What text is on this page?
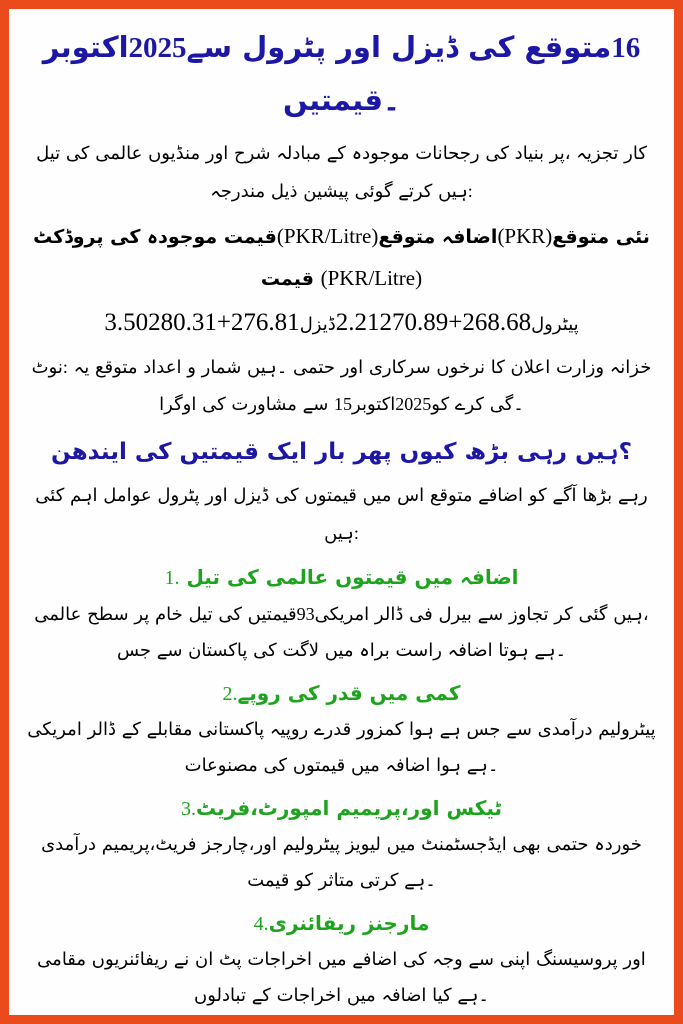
اکتوبر2025سے پٹرول اور ڈیزل کی متوقع16 قیمتیں۔
تیل کی عالمی منڈیوں اور شرح مبادلہ کے موجودہ رجحانات کی بنیاد پر، تجزیہ کار مندرجہ ذیل پیشین گوئی کرتے ہیں:
پروڈکٹ کی موجودہ قیمت(PKR/Litre)متوقع اضافہ(PKR)متوقع نئی قیمت (PKR/Litre)
3.50280.31+276.81ڈیزل2.21270.89+268.68پیٹرول
نوٹ: یہ متوقع اعداد و شمار ہیں۔ حتمی اور سرکاری نرخوں کا اعلان وزارت خزانہ اوگرا کی مشاورت سے 15اکتوبر2025کو کرے گی۔
ایندھن کی قیمتیں ایک بار پھر کیوں بڑھ رہی ہیں؟
کئی اہم عوامل پٹرول اور ڈیزل کی قیمتوں میں اس متوقع اضافے کو آگے بڑھا رہے ہیں:
1. تیل کی عالمی قیمتوں میں اضافہ
عالمی سطح پر خام تیل کی قیمتیں93امریکی ڈالر فی بیرل سے تجاوز کر گئی ہیں، جس سے پاکستان کی لاگت میں براہ راست اضافہ ہوتا ہے۔
2.روپے کی قدر میں کمی
امریکی ڈالر کے مقابلے پاکستانی روپیہ قدرے کمزور ہوا ہے جس سے درآمدی پیٹرولیم مصنوعات کی قیمتوں میں اضافہ ہوا ہے۔
3.فریٹ،امپورٹ پریمیم،اور ٹیکس
درآمدی پریمیم،فریٹ چارجز،اور پیٹرولیم لیویز میں ایڈجسٹمنٹ بھی حتمی خوردہ قیمت کو متاثر کرتی ہے۔
4.ریفائنری مارجنز
مقامی ریفائنریوں نے ان پٹ اخراجات میں اضافے کی وجہ سے اپنی پروسیسنگ اور تبادلوں کے اخراجات میں اضافہ کیا ہے۔
